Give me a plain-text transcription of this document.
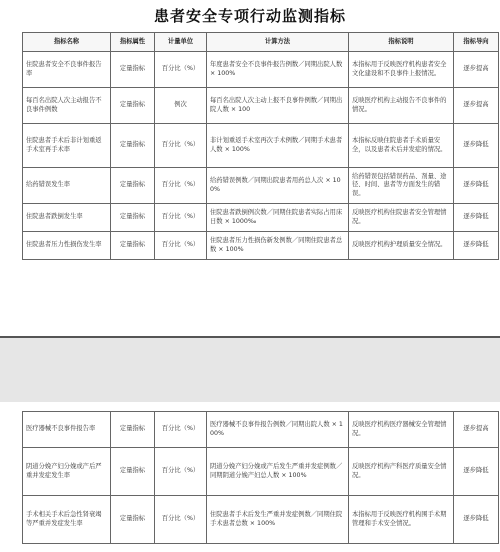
患者安全专项行动监测指标
指标名称	指标属性	计量单位	计算方法	指标说明	指标导向
住院患者安全不良事件报告率	定量指标	百分比（%）	年度患者安全不良事件报告例数／同期出院人数 × 100%	本指标用于反映医疗机构患者安全文化建设和不良事件上报情况。	逐步提高
每百名出院人次主动报告不良事件例数	定量指标	例次	每百名出院人次主动上报不良事件例数／同期出院人数 × 100	反映医疗机构主动报告不良事件的情况。	逐步提高
住院患者手术后非计划重返手术室再手术率	定量指标	百分比（%）	非计划重返手术室再次手术例数／同期手术患者人数 × 100%	本指标反映住院患者手术质量安全，以及患者术后并发症的情况。	逐步降低
给药错误发生率	定量指标	百分比（%）	给药错误例数／同期出院患者用药总人次 × 100%	给药错误包括错误药品、剂量、途径、时间、患者等方面发生的错误。	逐步降低
住院患者跌倒发生率	定量指标	百分比（%）	住院患者跌倒例次数／同期住院患者实际占用床日数 × 1000‰	反映医疗机构住院患者安全管理情况。	逐步降低
住院患者压力性损伤发生率	定量指标	百分比（%）	住院患者压力性损伤新发例数／同期住院患者总数 × 100%	反映医疗机构护理质量安全情况。	逐步降低
医疗器械不良事件报告率	定量指标	百分比（%）	医疗器械不良事件报告例数／同期出院人数 × 100%	反映医疗机构医疗器械安全管理情况。	逐步提高
阴道分娩产妇分娩或产后严重并发症发生率	定量指标	百分比（%）	阴道分娩产妇分娩或产后发生严重并发症例数／同期阴道分娩产妇总人数 × 100%	反映医疗机构产科医疗质量安全情况。	逐步降低
手术相关手术后急性肾衰竭等严重并发症发生率	定量指标	百分比（%）	住院患者手术后发生严重并发症例数／同期住院手术患者总数 × 100%	本指标用于反映医疗机构围手术期管理和手术安全情况。	逐步降低
